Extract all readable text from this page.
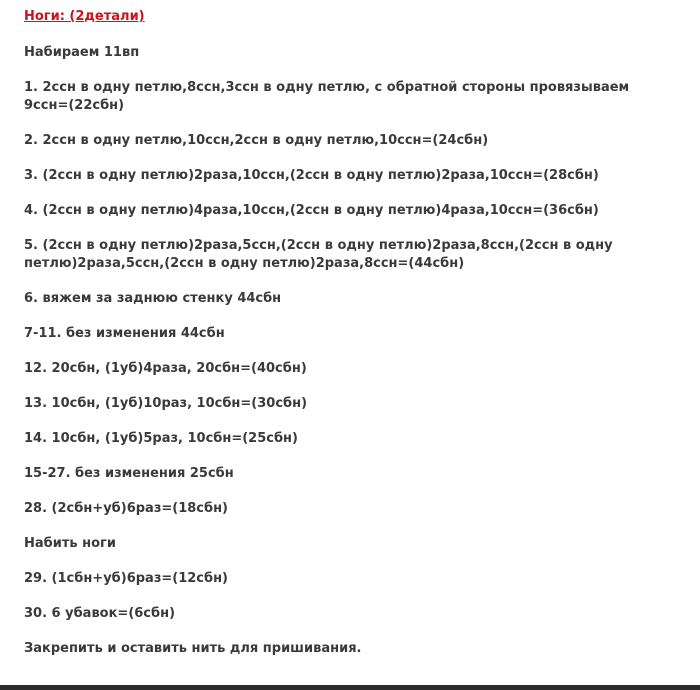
Ноги: (2детали)
Набираем 11вп
1. 2ссн в одну петлю,8ссн,3ссн в одну петлю, с обратной стороны провязываем 9ссн=(22сбн)
2. 2ссн в одну петлю,10ссн,2ссн в одну петлю,10ссн=(24сбн)
3. (2ссн в одну петлю)2раза,10ссн,(2ссн в одну петлю)2раза,10ссн=(28сбн)
4. (2ссн в одну петлю)4раза,10ссн,(2ссн в одну петлю)4раза,10ссн=(36сбн)
5. (2ссн в одну петлю)2раза,5ссн,(2ссн в одну петлю)2раза,8ссн,(2ссн в одну петлю)2раза,5ссн,(2ссн в одну петлю)2раза,8ссн=(44сбн)
6. вяжем за заднюю стенку 44сбн
7-11. без изменения 44сбн
12. 20сбн, (1уб)4раза, 20сбн=(40сбн)
13. 10сбн, (1уб)10раз, 10сбн=(30сбн)
14. 10сбн, (1уб)5раз, 10сбн=(25сбн)
15-27. без изменения 25сбн
28. (2сбн+уб)6раз=(18сбн)
Набить ноги
29. (1сбн+уб)6раз=(12сбн)
30. 6 убавок=(6сбн)
Закрепить и оставить нить для пришивания.
